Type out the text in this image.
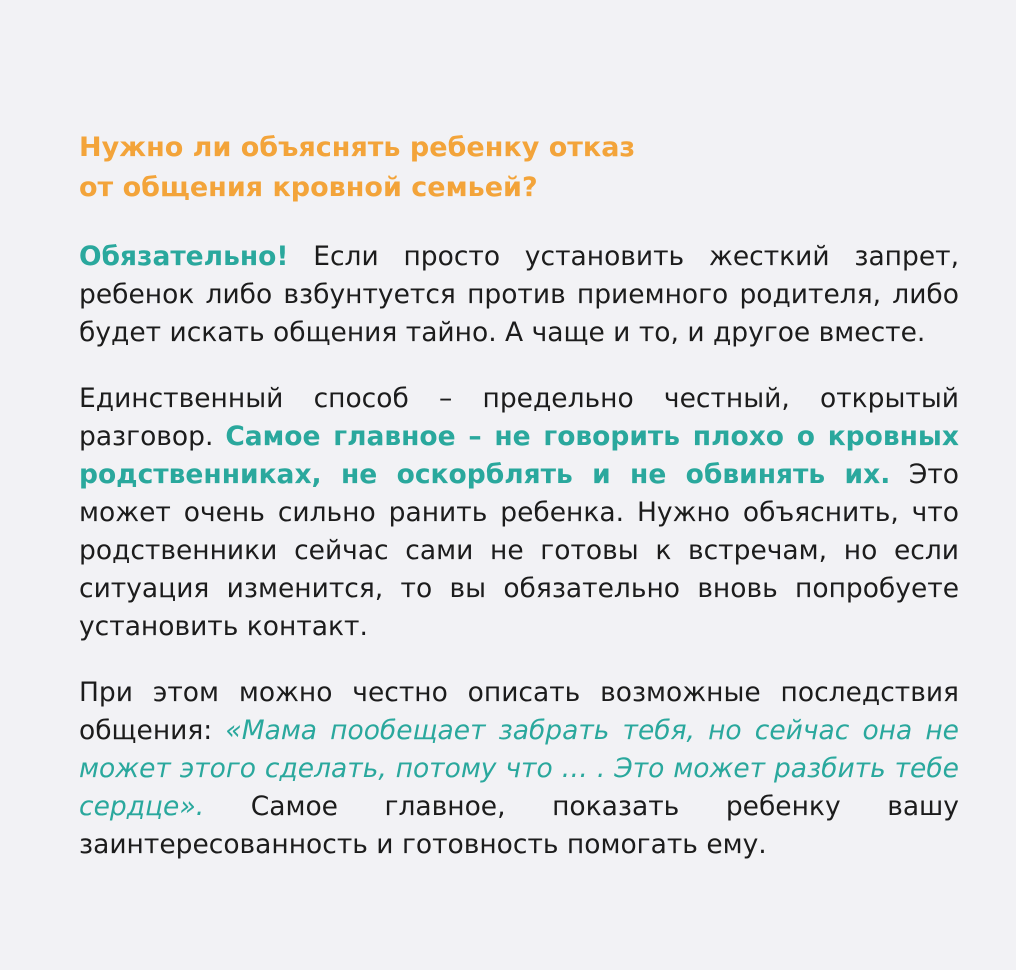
Нужно ли объяснять ребенку отказ
от общения кровной семьей?

Обязательно! Если просто установить жесткий запрет, ребенок либо взбунтуется против приемного родителя, либо будет искать общения тайно. А чаще и то, и другое вместе.

Единственный способ – предельно честный, открытый разговор. Самое главное – не говорить плохо о кровных родственниках, не оскорблять и не обвинять их. Это может очень сильно ранить ребенка. Нужно объяснить, что родственники сейчас сами не готовы к встречам, но если ситуация изменится, то вы обязательно вновь попробуете установить контакт.

При этом можно честно описать возможные последствия общения: «Мама пообещает забрать тебя, но сейчас она не может этого сделать, потому что … . Это может разбить тебе сердце». Самое главное, показать ребенку вашу заинтересованность и готовность помогать ему.
